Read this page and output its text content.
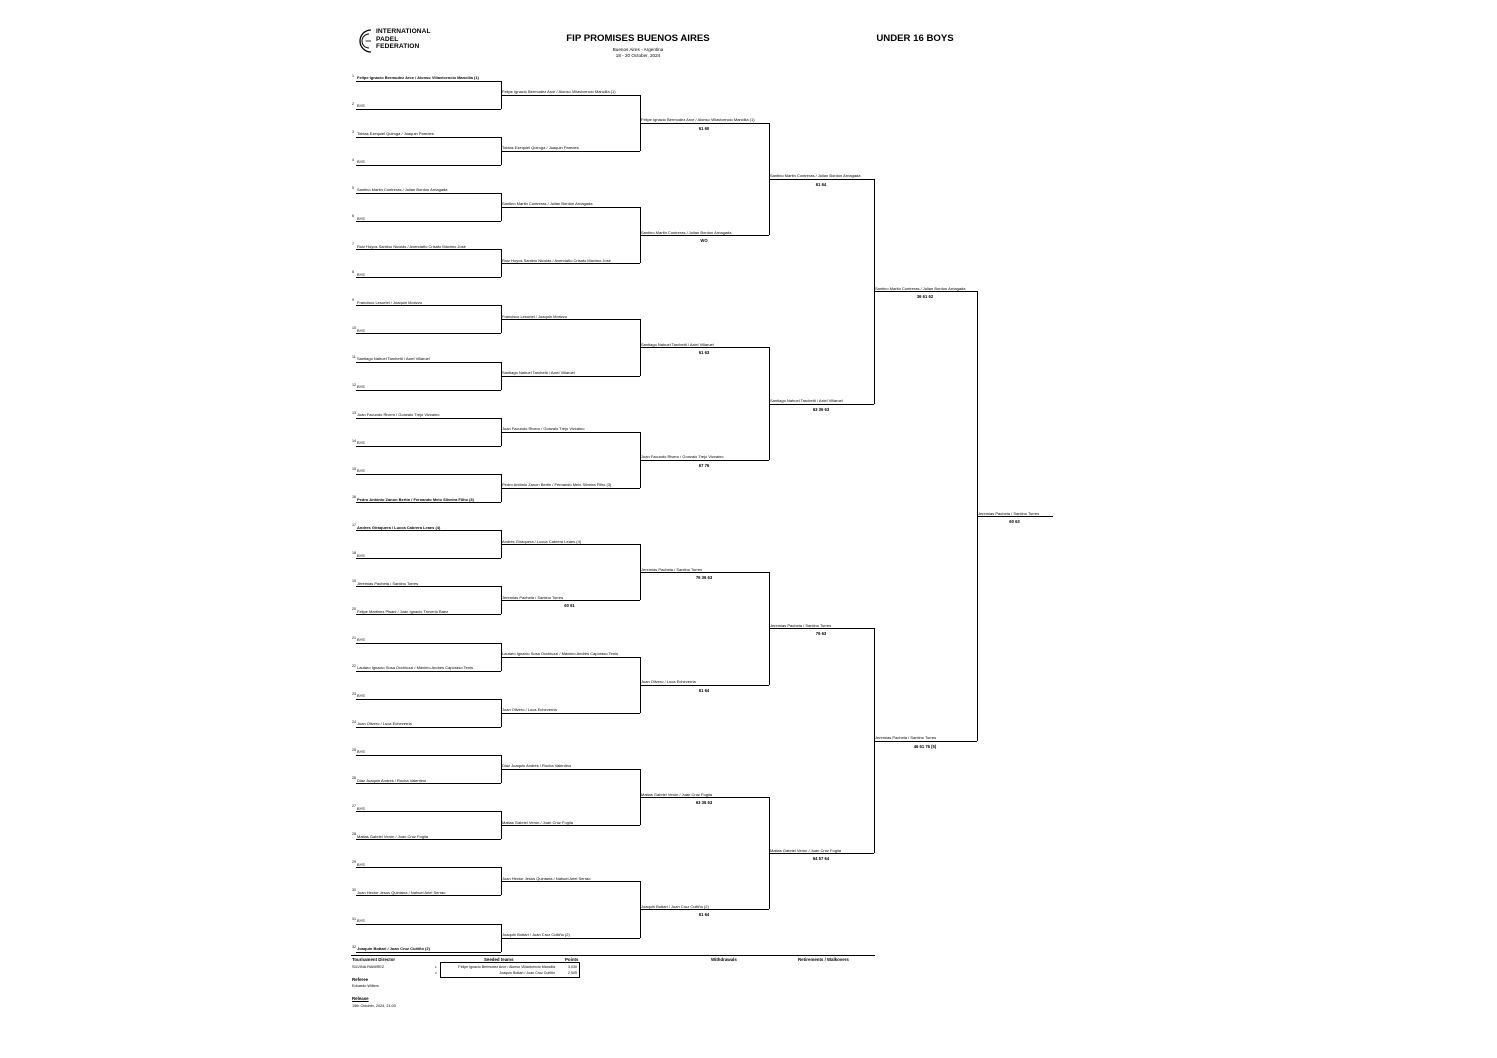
INTERNATIONAL
PADEL
FEDERATION
FIP PROMISES BUENOS AIRES
Buenos Aires - Argentina
18 - 20 October, 2024
UNDER 16 BOYS
Tournament Director
SILVINA RAMIREZ
Seeded teams	Points
1	Felipe Ignacio Bermudez Arce / Alonso Villavicencio Mancilla	3,030
2	Joaquin Bottari / Juan Cruz Cuitiño	2,505
Withdrawals	Retirements / Walkovers
Referee
Eduardo Willers
Release
19th October, 2024, 21:00
1 Felipe Ignacio Bermudez Arce / Alonso Villavicencio Mancilla (1)
2 BYE
3 Tobias Ezequiel Quiroga / Joaquin Paredes
4 BYE
5 Santino Martin Contreras / Julian Bordon Arriagada
6 BYE
7 Ruiz Hoyos Santino Nicolás / Avendaño Crisafo Máximo José
8 BYE
9 Francisco Lesurtel / Joaquin Morizzo
10 BYE
11 Santiago Nahuel Tarchetti / Axiel Villaruel
12 BYE
13 Juan Facundo Rivero / Gonzalo Trejo Vizcaino
14 BYE
15 BYE
16 Pedro Antônio Zanon Bertin / Fernando Melo Silveira Filho (3)
17 Andres Giraquera / Lucca Cabrera Leaes (4)
18 BYE
19 Jeremias Pacheta / Santino Torres
20 Felipe Martinez Pisani / Juan Ignacio Troverio Baez
21 BYE
22 Lautaro Ignacio Sosa Occhiuzzi / Máximo Andrés Caporaso Tenis
23 BYE
24 Juan Olivero / Luca Echeverria
25 BYE
26 Diaz Juaquin Andres / Rocha Valentino
27 BYE
28 Matias Gabriel Verón / Juan Cruz Fogila
29 BYE
30 Juan Hector Jesus Quintana / Nahuel Ariel Serrao
31 BYE
32 Joaquin Bottari / Juan Cruz Cuitiño (2)
Felipe Ignacio Bermudez Arce / Alonso Villavicencio Mancilla (1)
Tobias Ezequiel Quiroga / Joaquin Paredes
Santino Martin Contreras / Julian Bordon Arriagada
Ruiz Hoyos Santino Nicolás / Avendaño Crisafo Máximo José
Francisco Lesurtel / Joaquin Morizzo
Santiago Nahuel Tarchetti / Axiel Villaruel
Juan Facundo Rivero / Gonzalo Trejo Vizcaino
Pedro Antônio Zanon Bertin / Fernando Melo Silveira Filho (3)
Andres Giraquera / Lucca Cabrera Leaes (4)
Jeremias Pacheta / Santino Torres
60 61
Lautaro Ignacio Sosa Occhiuzzi / Máximo Andrés Caporaso Tenis
Juan Olivero / Luca Echeverria
Diaz Juaquin Andres / Rocha Valentino
Matias Gabriel Verón / Juan Cruz Fogila
Juan Hector Jesus Quintana / Nahuel Ariel Serrao
Joaquin Bottari / Juan Cruz Cuitiño (2)
Felipe Ignacio Bermudez Arce / Alonso Villavicencio Mancilla (1)
61 60
Santino Martin Contreras / Julian Bordon Arriagada
WO
Santiago Nahuel Tarchetti / Axiel Villaruel
61 63
Juan Facundo Rivero / Gonzalo Trejo Vizcaino
67 76
Jeremias Pacheta / Santino Torres
76 36 63
Juan Olivero / Luca Echeverria
61 64
Matias Gabriel Verón / Juan Cruz Fogila
63 36 63
Joaquin Bottari / Juan Cruz Cuitiño (2)
61 64
Santino Martin Contreras / Julian Bordon Arriagada
61 64
Santiago Nahuel Tarchetti / Axiel Villaruel
63 36 63
Jeremias Pacheta / Santino Torres
76 63
Matias Gabriel Verón / Juan Cruz Fogila
64 57 64
Santino Martin Contreras / Julian Bordon Arriagada
36 61 62
Jeremias Pacheta / Santino Torres
46 61 76 (5)
Jeremias Pacheta / Santino Torres
60 63
